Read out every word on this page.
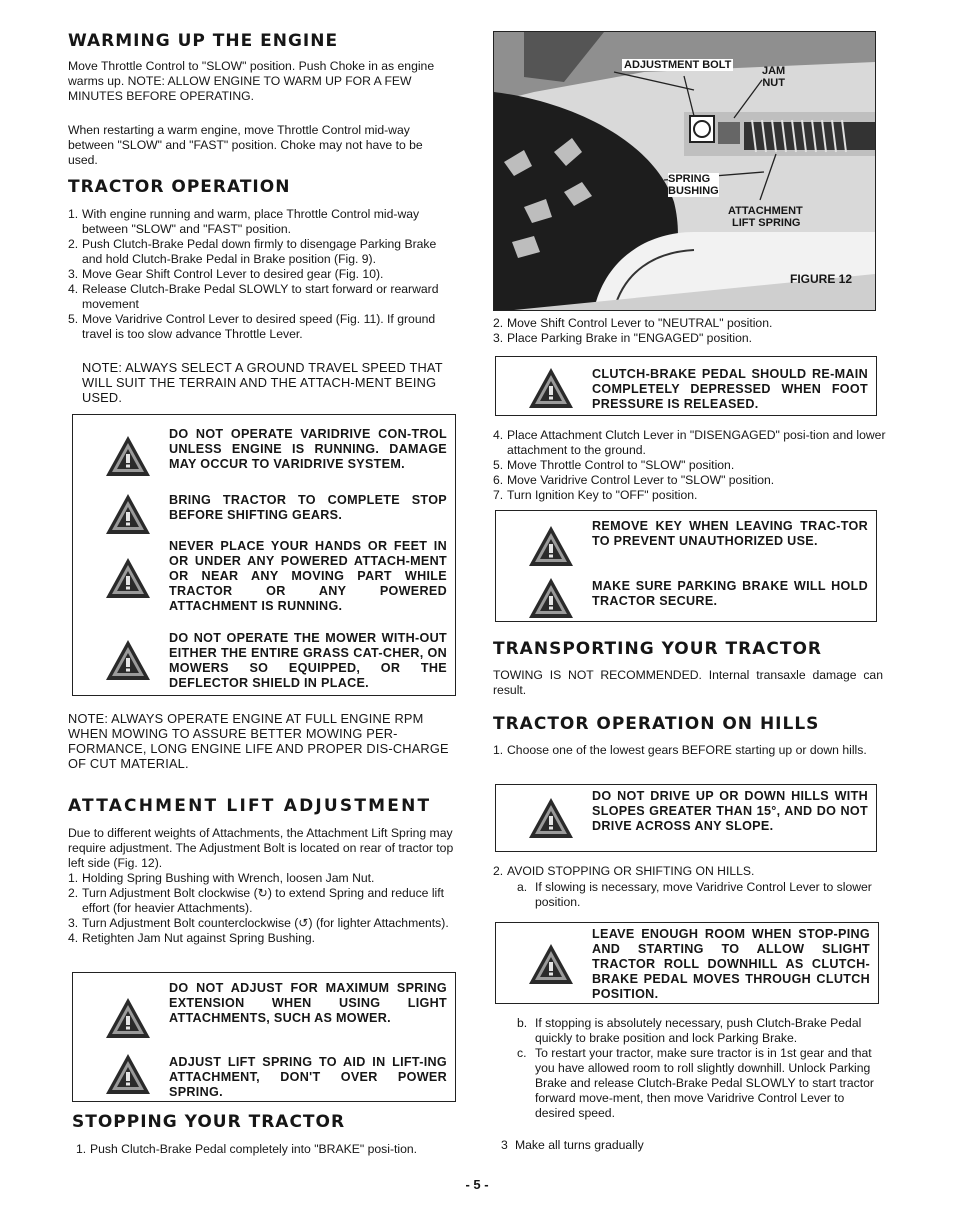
WARMING UP THE ENGINE

Move Throttle Control to "SLOW" position. Push Choke in as engine warms up. NOTE: ALLOW ENGINE TO WARM UP FOR A FEW MINUTES BEFORE OPERATING.

When restarting a warm engine, move Throttle Control mid-way between "SLOW" and "FAST" position. Choke may not have to be used.

TRACTOR OPERATION
1. With engine running and warm, place Throttle Control mid-way between "SLOW" and "FAST" position.
2. Push Clutch-Brake Pedal down firmly to disengage Parking Brake and hold Clutch-Brake Pedal in Brake position (Fig. 9).
3. Move Gear Shift Control Lever to desired gear (Fig. 10).
4. Release Clutch-Brake Pedal SLOWLY to start forward or rearward movement
5. Move Varidrive Control Lever to desired speed (Fig. 11). If ground travel is too slow advance Throttle Lever.

NOTE: ALWAYS SELECT A GROUND TRAVEL SPEED THAT WILL SUIT THE TERRAIN AND THE ATTACH-MENT BEING USED.

DO NOT OPERATE VARIDRIVE CON-TROL UNLESS ENGINE IS RUNNING. DAMAGE MAY OCCUR TO VARIDRIVE SYSTEM.
BRING TRACTOR TO COMPLETE STOP BEFORE SHIFTING GEARS.
NEVER PLACE YOUR HANDS OR FEET IN OR UNDER ANY POWERED ATTACH-MENT OR NEAR ANY MOVING PART WHILE TRACTOR OR ANY POWERED ATTACHMENT IS RUNNING.
DO NOT OPERATE THE MOWER WITH-OUT EITHER THE ENTIRE GRASS CAT-CHER, ON MOWERS SO EQUIPPED, OR THE DEFLECTOR SHIELD IN PLACE.

NOTE: ALWAYS OPERATE ENGINE AT FULL ENGINE RPM WHEN MOWING TO ASSURE BETTER MOWING PER-FORMANCE, LONG ENGINE LIFE AND PROPER DIS-CHARGE OF CUT MATERIAL.

ATTACHMENT LIFT ADJUSTMENT

Due to different weights of Attachments, the Attachment Lift Spring may require adjustment. The Adjustment Bolt is located on rear of tractor top left side (Fig. 12).

1. Holding Spring Bushing with Wrench, loosen Jam Nut.
2. Turn Adjustment Bolt clockwise (↻) to extend Spring and reduce lift effort (for heavier Attachments).
3. Turn Adjustment Bolt counterclockwise (↺) (for lighter Attachments).
4. Retighten Jam Nut against Spring Bushing.
DO NOT ADJUST FOR MAXIMUM SPRING EXTENSION WHEN USING LIGHT ATTACHMENTS, SUCH AS MOWER.
ADJUST LIFT SPRING TO AID IN LIFT-ING ATTACHMENT, DON'T OVER POWER SPRING.
STOPPING YOUR TRACTOR
1. Push Clutch-Brake Pedal completely into "BRAKE" posi-tion.
ADJUSTMENT BOLT	JAM
NUT
SPRING
BUSHING
ATTACHMENT
LIFT SPRING
FIGURE 12
2. Move Shift Control Lever to "NEUTRAL" position.
3. Place Parking Brake in "ENGAGED" position.
CLUTCH-BRAKE PEDAL SHOULD RE-MAIN COMPLETELY DEPRESSED WHEN FOOT PRESSURE IS RELEASED.
4. Place Attachment Clutch Lever in "DISENGAGED" posi-tion and lower attachment to the ground.
5. Move Throttle Control to "SLOW" position.
6. Move Varidrive Control Lever to "SLOW" position.
7. Turn Ignition Key to "OFF" position.
REMOVE KEY WHEN LEAVING TRAC-TOR TO PREVENT UNAUTHORIZED USE.
MAKE SURE PARKING BRAKE WILL HOLD TRACTOR SECURE.
TRANSPORTING YOUR TRACTOR

TOWING IS NOT RECOMMENDED. Internal transaxle damage can result.

TRACTOR OPERATION ON HILLS
1. Choose one of the lowest gears BEFORE starting up or down hills.
DO NOT DRIVE UP OR DOWN HILLS WITH SLOPES GREATER THAN 15°, AND DO NOT DRIVE ACROSS ANY SLOPE.
2. AVOID STOPPING OR SHIFTING ON HILLS.
a. If slowing is necessary, move Varidrive Control Lever to slower position.
LEAVE ENOUGH ROOM WHEN STOP-PING AND STARTING TO ALLOW SLIGHT TRACTOR ROLL DOWNHILL AS CLUTCH-BRAKE PEDAL MOVES THROUGH CLUTCH POSITION.
b. If stopping is absolutely necessary, push Clutch-Brake Pedal quickly to brake position and lock Parking Brake.
c. To restart your tractor, make sure tractor is in 1st gear and that you have allowed room to roll slightly downhill. Unlock Parking Brake and release Clutch-Brake Pedal SLOWLY to start tractor forward move-ment, then move Varidrive Control Lever to desired speed.
3 Make all turns gradually
- 5 -
